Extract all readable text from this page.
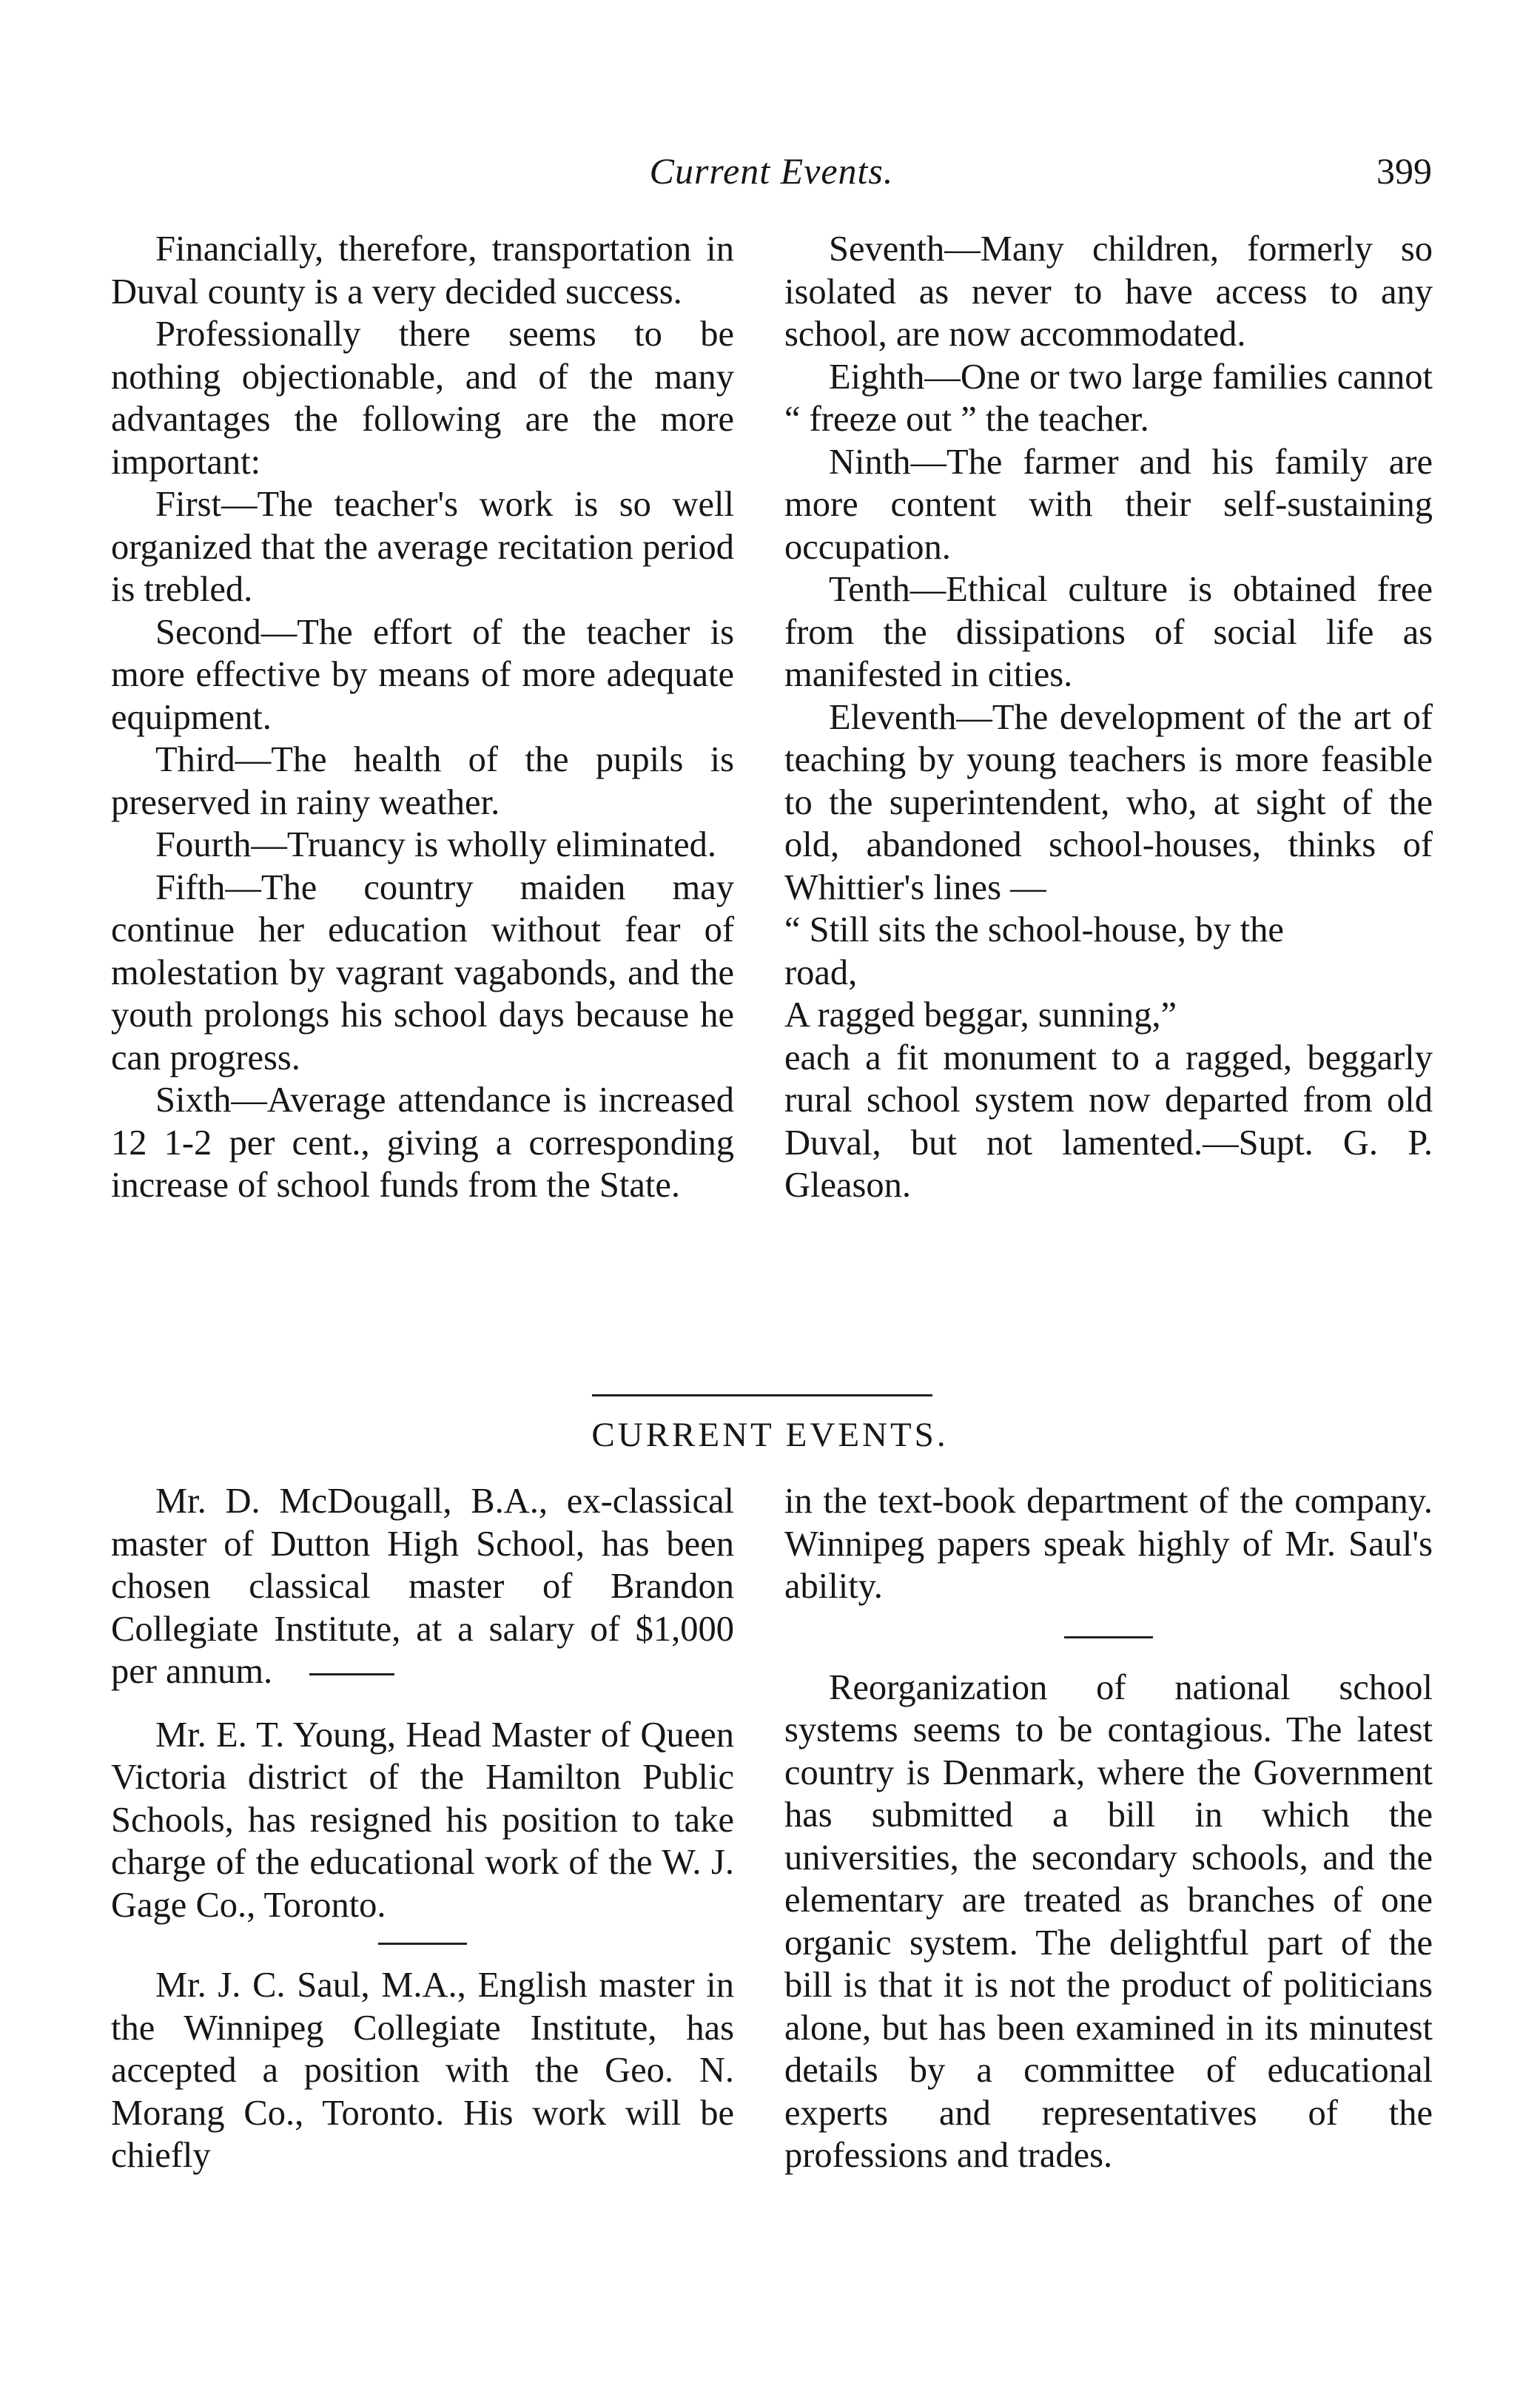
Current Events.	399

Financially, therefore, transportation in Duval county is a very decided success.

Professionally there seems to be nothing objectionable, and of the many advantages the following are the more important:

First—The teacher's work is so well organized that the average recitation period is trebled.

Second—The effort of the teacher is more effective by means of more adequate equipment.

Third—The health of the pupils is preserved in rainy weather.

Fourth—Truancy is wholly eliminated.

Fifth—The country maiden may continue her education without fear of molestation by vagrant vagabonds, and the youth prolongs his school days because he can progress.

Sixth—Average attendance is increased 12 1-2 per cent., giving a corresponding increase of school funds from the State.

Seventh—Many children, formerly so isolated as never to have access to any school, are now accommodated.

Eighth—One or two large families cannot “ freeze out ” the teacher.

Ninth—The farmer and his family are more content with their self-sustaining occupation.

Tenth—Ethical culture is obtained free from the dissipations of social life as manifested in cities.

Eleventh—The development of the art of teaching by young teachers is more feasible to the superintendent, who, at sight of the old, abandoned school-houses, thinks of Whittier's lines —

“ Still sits the school-house, by the

road,

A ragged beggar, sunning,”

each a fit monument to a ragged, beggarly rural school system now departed from old Duval, but not lamented.—Supt. G. P. Gleason.

CURRENT EVENTS.

Mr. D. McDougall, B.A., ex-classical master of Dutton High School, has been chosen classical master of Brandon Collegiate Institute, at a salary of $1,000 per annum.

Mr. E. T. Young, Head Master of Queen Victoria district of the Hamilton Public Schools, has resigned his position to take charge of the educational work of the W. J. Gage Co., Toronto.

Mr. J. C. Saul, M.A., English master in the Winnipeg Collegiate Institute, has accepted a position with the Geo. N. Morang Co., Toronto. His work will be chiefly

in the text-book department of the company. Winnipeg papers speak highly of Mr. Saul's ability.

Reorganization of national school systems seems to be contagious. The latest country is Denmark, where the Government has submitted a bill in which the universities, the secondary schools, and the elementary are treated as branches of one organic system. The delightful part of the bill is that it is not the product of politicians alone, but has been examined in its minutest details by a committee of educational experts and representatives of the professions and trades.
